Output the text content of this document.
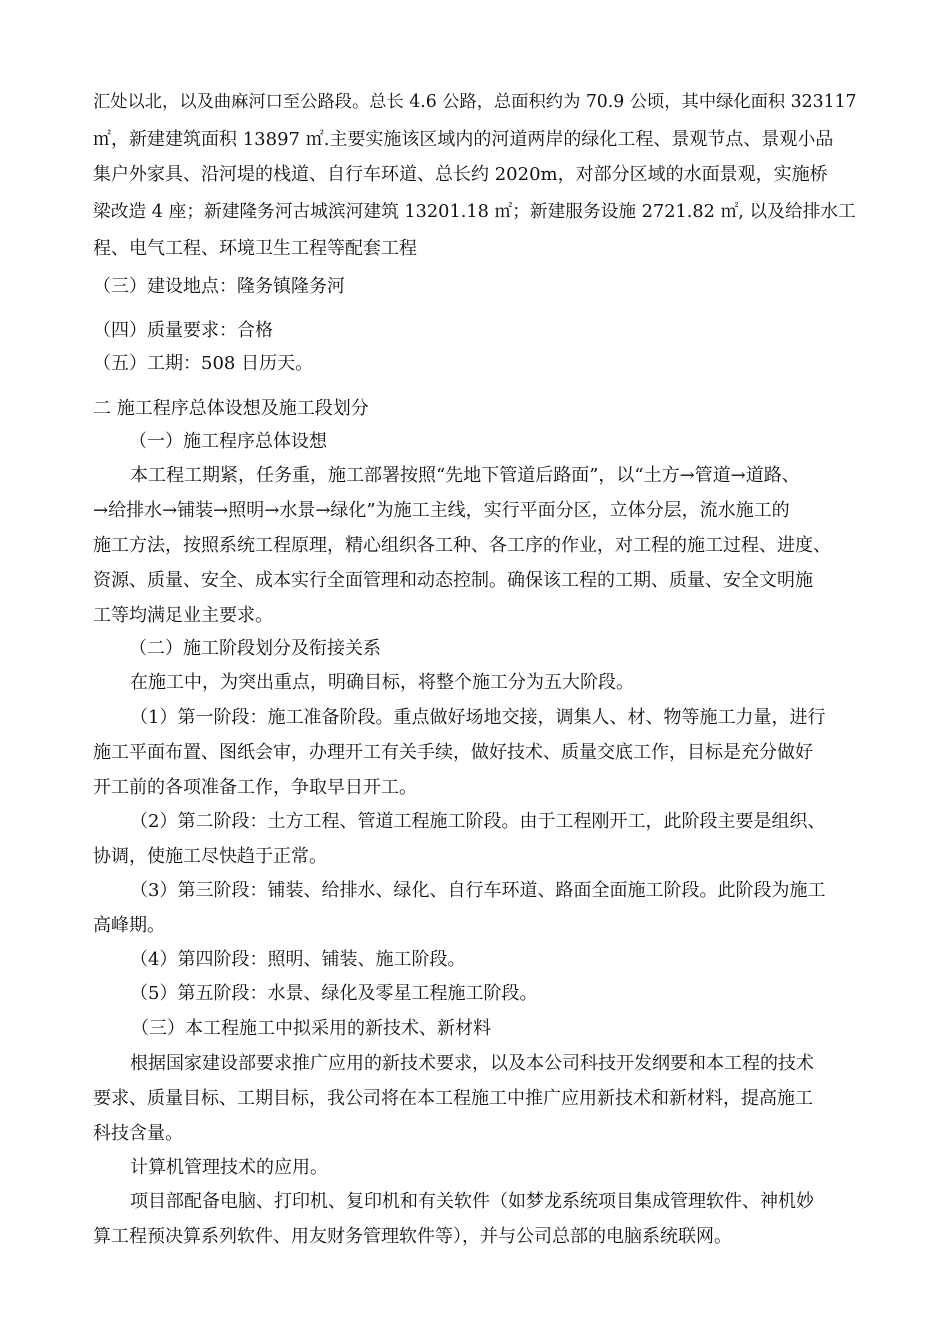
汇处以北，以及曲麻河口至公路段。总长 4.6 公路，总面积约为 70.9 公顷，其中绿化面积 323117
㎡，新建建筑面积 13897 ㎡.主要实施该区域内的河道两岸的绿化工程、景观节点、景观小品
集户外家具、沿河堤的栈道、自行车环道、总长约 2020m，对部分区域的水面景观，实施桥
梁改造 4 座；新建隆务河古城滨河建筑 13201.18 ㎡；新建服务设施 2721.82 ㎡, 以及给排水工
程、电气工程、环境卫生工程等配套工程
（三）建设地点：隆务镇隆务河
（四）质量要求：合格
（五）工期：508 日历天。
二 施工程序总体设想及施工段划分
（一）施工程序总体设想
本工程工期紧，任务重，施工部署按照“先地下管道后路面”，以“土方→管道→道路、
→给排水→铺装→照明→水景→绿化”为施工主线，实行平面分区，立体分层，流水施工的
施工方法，按照系统工程原理，精心组织各工种、各工序的作业，对工程的施工过程、进度、
资源、质量、安全、成本实行全面管理和动态控制。确保该工程的工期、质量、安全文明施
工等均满足业主要求。
（二）施工阶段划分及衔接关系
在施工中，为突出重点，明确目标，将整个施工分为五大阶段。
（1）第一阶段：施工准备阶段。重点做好场地交接，调集人、材、物等施工力量，进行
施工平面布置、图纸会审，办理开工有关手续，做好技术、质量交底工作，目标是充分做好
开工前的各项准备工作，争取早日开工。
（2）第二阶段：土方工程、管道工程施工阶段。由于工程刚开工，此阶段主要是组织、
协调，使施工尽快趋于正常。
（3）第三阶段：铺装、给排水、绿化、自行车环道、路面全面施工阶段。此阶段为施工
高峰期。
（4）第四阶段：照明、铺装、施工阶段。
（5）第五阶段：水景、绿化及零星工程施工阶段。
（三）本工程施工中拟采用的新技术、新材料
根据国家建设部要求推广应用的新技术要求，以及本公司科技开发纲要和本工程的技术
要求、质量目标、工期目标，我公司将在本工程施工中推广应用新技术和新材料，提高施工
科技含量。
计算机管理技术的应用。
项目部配备电脑、打印机、复印机和有关软件（如梦龙系统项目集成管理软件、神机妙
算工程预决算系列软件、用友财务管理软件等），并与公司总部的电脑系统联网。
